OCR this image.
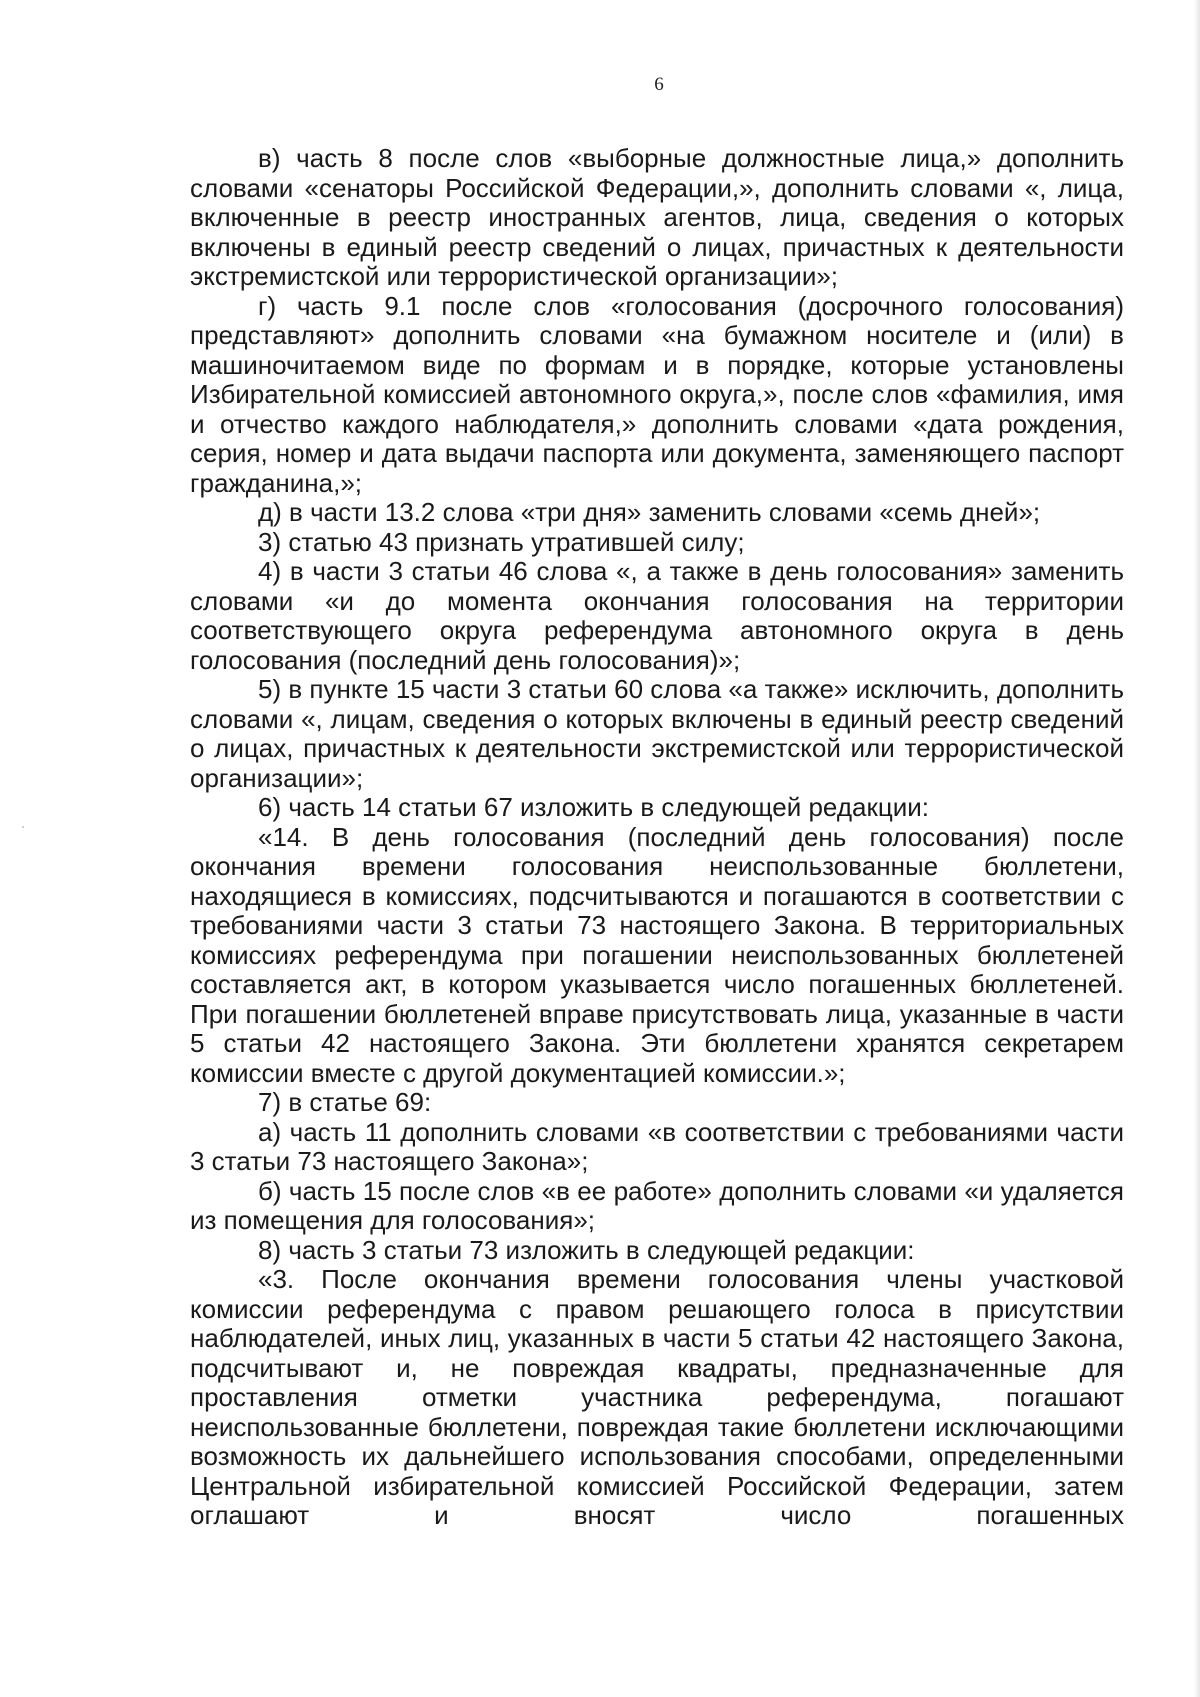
6

в) часть 8 после слов «выборные должностные лица,» дополнить словами «сенаторы Российской Федерации,», дополнить словами «, лица, включенные в реестр иностранных агентов, лица, сведения о которых включены в единый реестр сведений о лицах, причастных к деятельности экстремистской или террористической организации»;

г) часть 9.1 после слов «голосования (досрочного голосования) представляют» дополнить словами «на бумажном носителе и (или) в машиночитаемом виде по формам и в порядке, которые установлены Избирательной комиссией автономного округа,», после слов «фамилия, имя и отчество каждого наблюдателя,» дополнить словами «дата рождения, серия, номер и дата выдачи паспорта или документа, заменяющего паспорт гражданина,»;

д) в части 13.2 слова «три дня» заменить словами «семь дней»;

3) статью 43 признать утратившей силу;

4) в части 3 статьи 46 слова «, а также в день голосования» заменить словами «и до момента окончания голосования на территории соответствующего округа референдума автономного округа в день голосования (последний день голосования)»;

5) в пункте 15 части 3 статьи 60 слова «а также» исключить, дополнить словами «, лицам, сведения о которых включены в единый реестр сведений о лицах, причастных к деятельности экстремистской или террористической организации»;

6) часть 14 статьи 67 изложить в следующей редакции:

«14. В день голосования (последний день голосования) после окончания времени голосования неиспользованные бюллетени, находящиеся в комиссиях, подсчитываются и погашаются в соответствии с требованиями части 3 статьи 73 настоящего Закона. В территориальных комиссиях референдума при погашении неиспользованных бюллетеней составляется акт, в котором указывается число погашенных бюллетеней. При погашении бюллетеней вправе присутствовать лица, указанные в части 5 статьи 42 настоящего Закона. Эти бюллетени хранятся секретарем комиссии вместе с другой документацией комиссии.»;

7) в статье 69:

а) часть 11 дополнить словами «в соответствии с требованиями части 3 статьи 73 настоящего Закона»;

б) часть 15 после слов «в ее работе» дополнить словами «и удаляется из помещения для голосования»;

8) часть 3 статьи 73 изложить в следующей редакции:

«3. После окончания времени голосования члены участковой комиссии референдума с правом решающего голоса в присутствии наблюдателей, иных лиц, указанных в части 5 статьи 42 настоящего Закона, подсчитывают и, не повреждая квадраты, предназначенные для проставления отметки участника референдума, погашают неиспользованные бюллетени, повреждая такие бюллетени исключающими возможность их дальнейшего использования способами, определенными Центральной избирательной комиссией Российской Федерации, затем оглашают и вносят число погашенных
